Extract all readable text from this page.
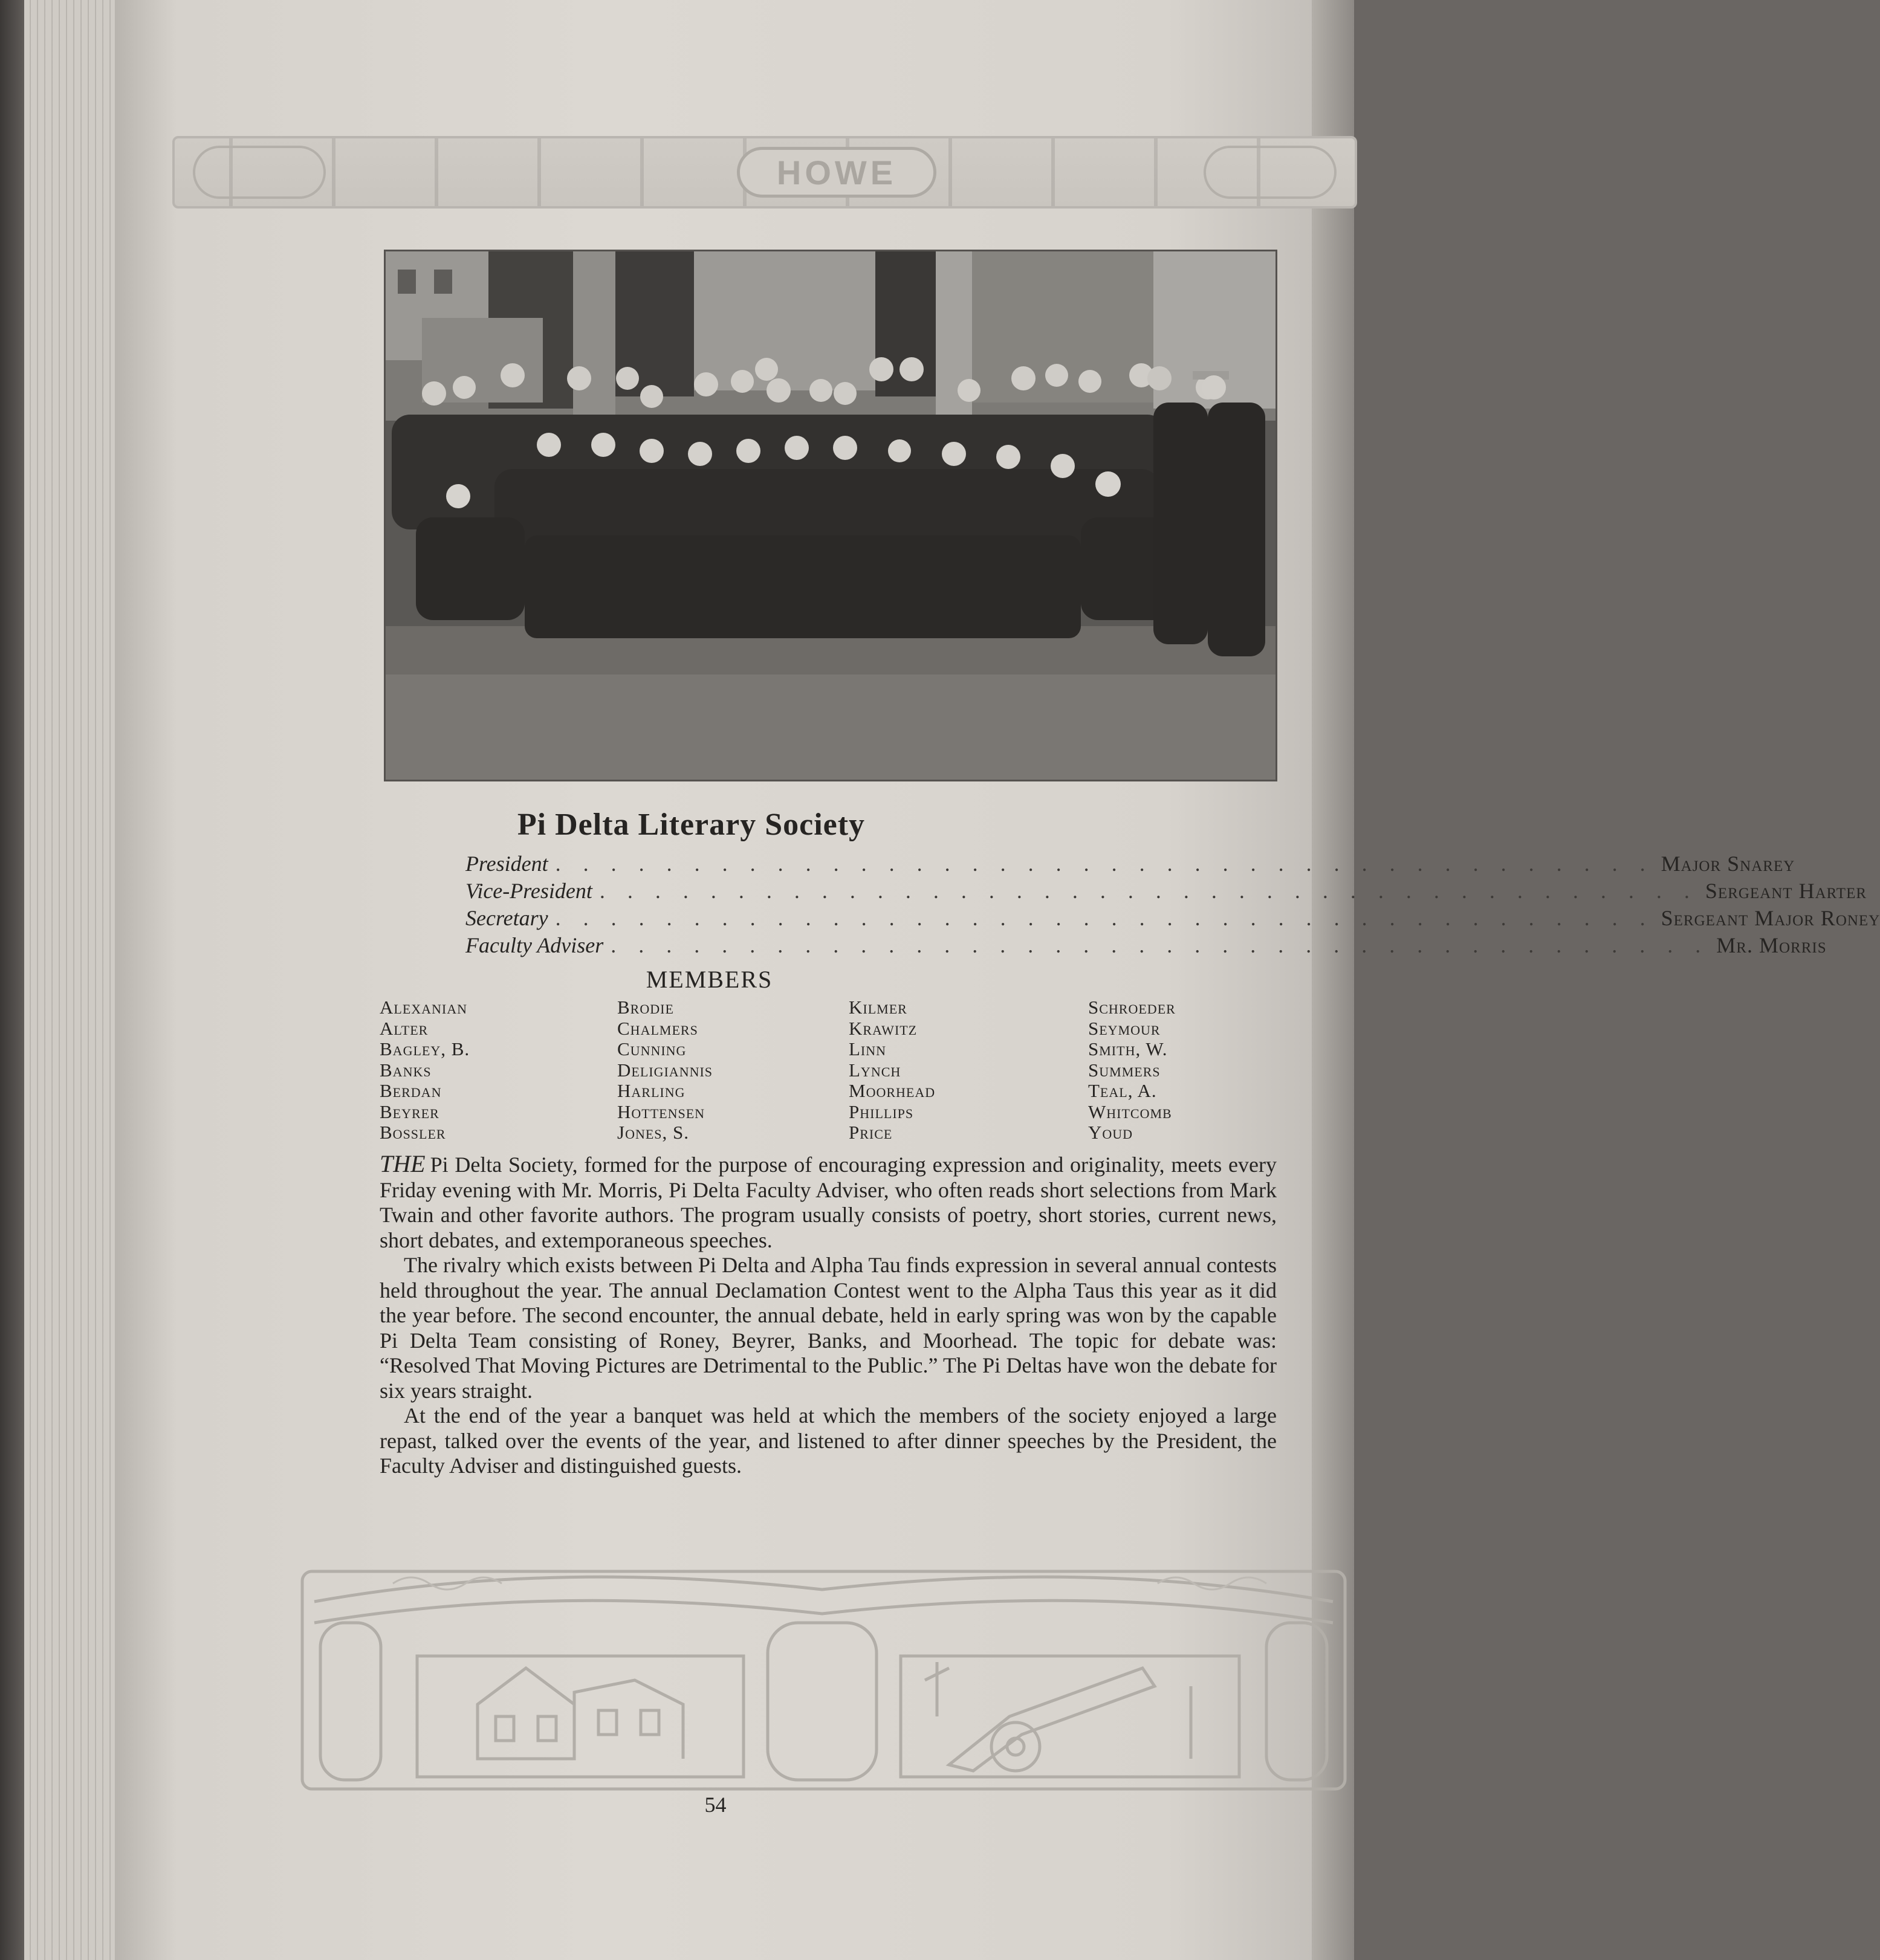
HOWE
Pi Delta Literary Society
President . . . . . . . . . . . . . . . . . . . . . . . . . . . . . . . . . . . . . . . . Major Snarey
Vice-President . . . . . . . . . . . . . . . . . . . . . . . . . . . . . . . . . . . . . . . . Sergeant Harter
Secretary . . . . . . . . . . . . . . . . . . . . . . . . . . . . . . . . . . . . . . . . Sergeant Major Roney
Faculty Adviser . . . . . . . . . . . . . . . . . . . . . . . . . . . . . . . . . . . . . . . . Mr. Morris
MEMBERS
Alexanian
Alter
Bagley, B.
Banks
Berdan
Beyrer
Bossler
Brodie
Chalmers
Cunning
Deligiannis
Harling
Hottensen
Jones, S.
Kilmer
Krawitz
Linn
Lynch
Moorhead
Phillips
Price
Schroeder
Seymour
Smith, W.
Summers
Teal, A.
Whitcomb
Youd

THE Pi Delta Society, formed for the purpose of encouraging expression and originality, meets every Friday evening with Mr. Morris, Pi Delta Faculty Adviser, who often reads short selections from Mark Twain and other favorite authors. The program usually consists of poetry, short stories, current news, short debates, and extemporaneous speeches.

The rivalry which exists between Pi Delta and Alpha Tau finds expression in several annual contests held throughout the year. The annual Declamation Contest went to the Alpha Taus this year as it did the year before. The second encounter, the annual debate, held in early spring was won by the capable Pi Delta Team consisting of Roney, Beyrer, Banks, and Moorhead. The topic for debate was: “Resolved That Moving Pictures are Detrimental to the Public.” The Pi Deltas have won the debate for six years straight.

At the end of the year a banquet was held at which the members of the society enjoyed a large repast, talked over the events of the year, and listened to after dinner speeches by the President, the Faculty Adviser and distinguished guests.

54
